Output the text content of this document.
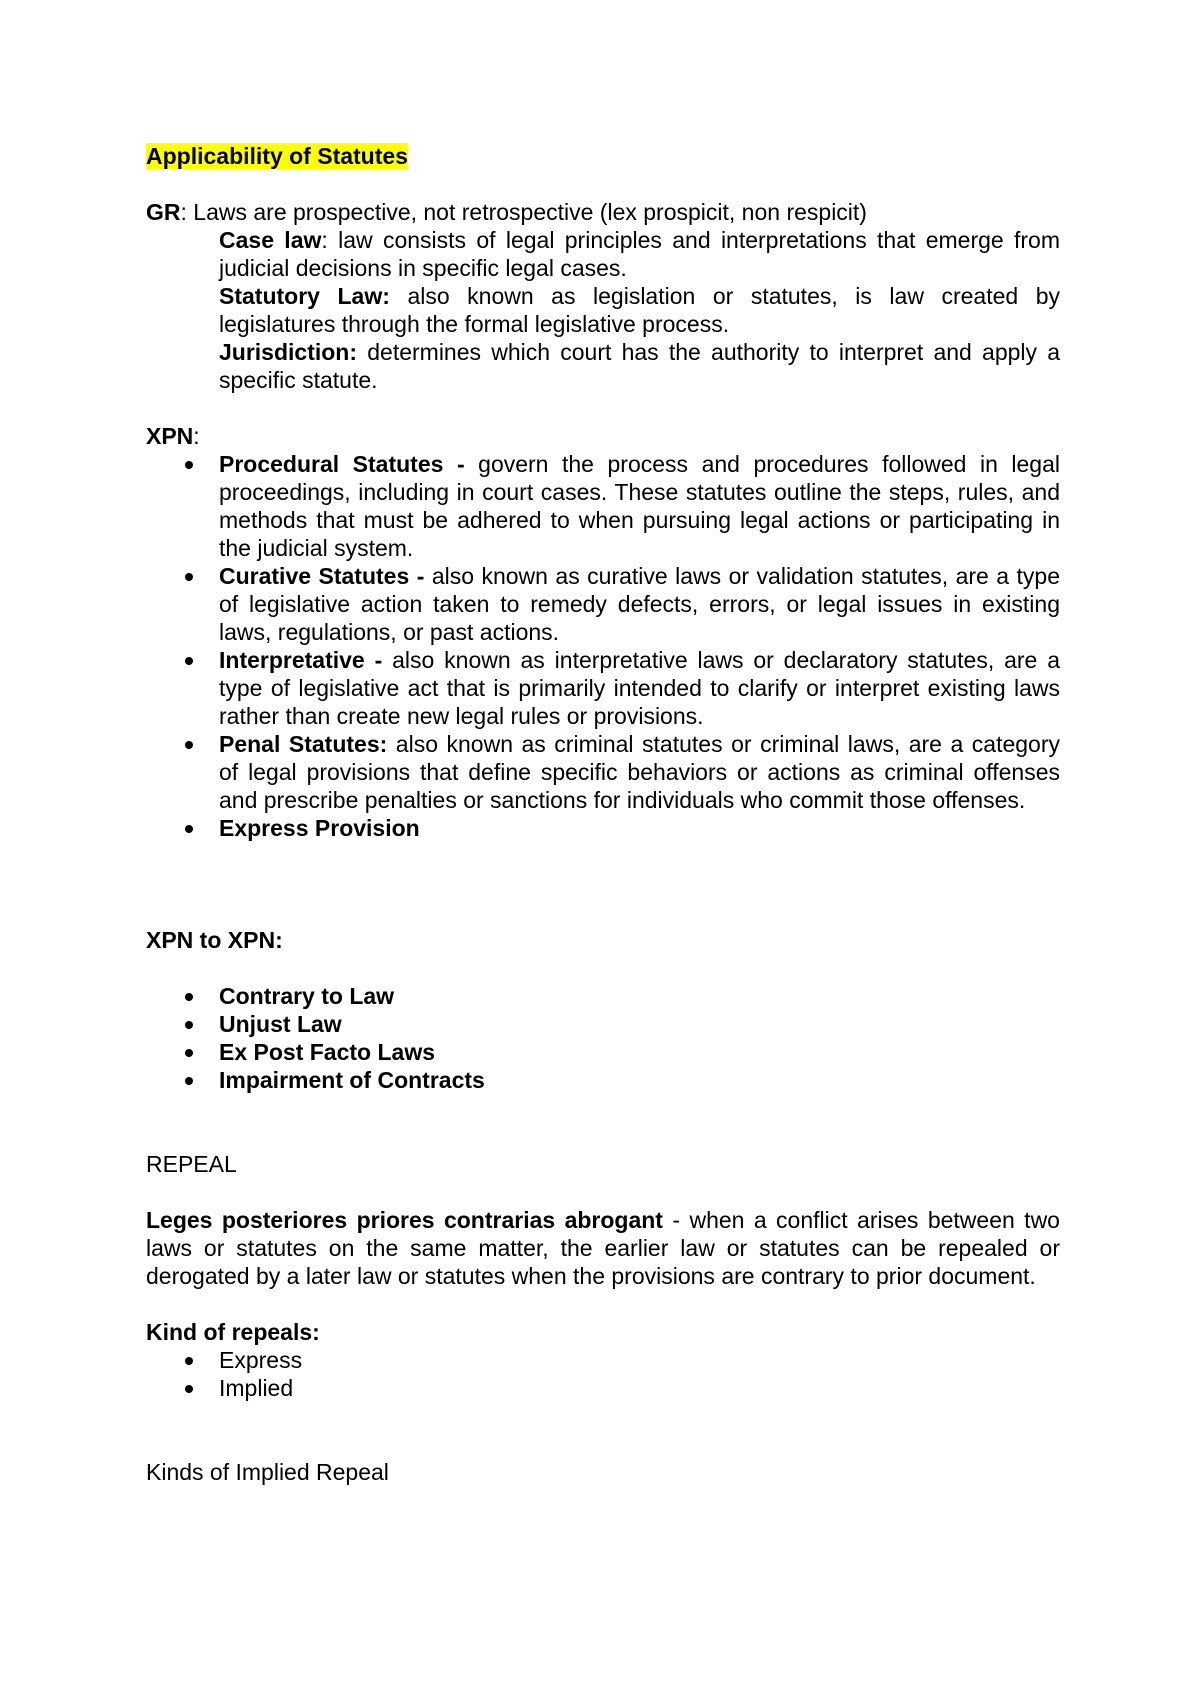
Applicability of Statutes

GR: Laws are prospective, not retrospective (lex prospicit, non respicit)

Case law: law consists of legal principles and interpretations that emerge from judicial decisions in specific legal cases.

Statutory Law: also known as legislation or statutes, is law created by legislatures through the formal legislative process.

Jurisdiction: determines which court has the authority to interpret and apply a specific statute.

XPN:

Procedural Statutes - govern the process and procedures followed in legal proceedings, including in court cases. These statutes outline the steps, rules, and methods that must be adhered to when pursuing legal actions or participating in the judicial system.
Curative Statutes - also known as curative laws or validation statutes, are a type of legislative action taken to remedy defects, errors, or legal issues in existing laws, regulations, or past actions.
Interpretative - also known as interpretative laws or declaratory statutes, are a type of legislative act that is primarily intended to clarify or interpret existing laws rather than create new legal rules or provisions.
Penal Statutes: also known as criminal statutes or criminal laws, are a category of legal provisions that define specific behaviors or actions as criminal offenses and prescribe penalties or sanctions for individuals who commit those offenses.
Express Provision

XPN to XPN:

Contrary to Law
Unjust Law
Ex Post Facto Laws
Impairment of Contracts

REPEAL

Leges posteriores priores contrarias abrogant - when a conflict arises between two laws or statutes on the same matter, the earlier law or statutes can be repealed or derogated by a later law or statutes when the provisions are contrary to prior document.

Kind of repeals:

Express
Implied

Kinds of Implied Repeal
